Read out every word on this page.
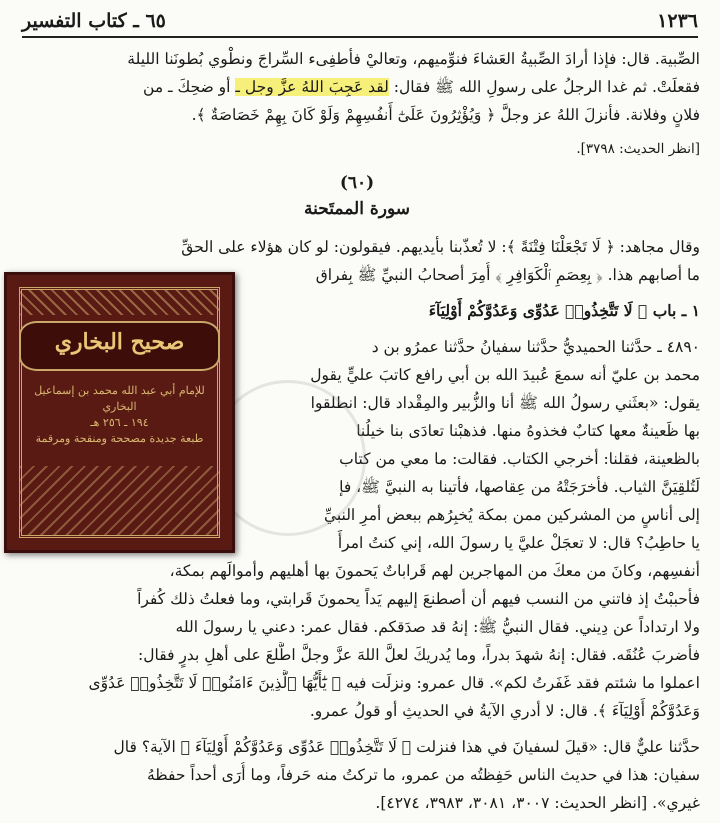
١٢٣٦
٦٥ ـ كتاب التفسير
الصِّبية. قال: فإذا أرادَ الصِّبيةُ العَشاءَ فنوِّميهم، وتعاليْ فأطفِىء السِّراجَ ونطْوي بُطونَنا الليلة
فقعلَتْ. ثم غدا الرجلُ على رسولِ الله ﷺ فقال: لقد عَجِبَ اللهُ عزَّ وجل ـ أو ضحِكَ ـ من
فلانٍ وفلانة. فأنزلَ اللهُ عز وجلَّ ﴿ وَيُؤْثِرُونَ عَلَىٰٓ أَنفُسِهِمْ وَلَوْ كَانَ بِهِمْ خَصَاصَةٌ ﴾.
[انظر الحديث: ٣٧٩٨].
(٦٠)
سورة الممتَحنة
وقال مجاهد: ﴿ لَا تَجْعَلْنَا فِتْنَةً ﴾: لا تُعذّبنا بأيديهم. فيقولون: لو كان هؤلاء على الحقِّ
ما أصابهم هذا. ﴿ بِعِصَمِ ٱلْكَوَافِرِ ﴾ أُمِرَ أصحابُ النبيِّ ﷺ بِفراق
١ ـ باب ﴿ لَا تَتَّخِذُوا۟ عَدُوِّى وَعَدُوَّكُمْ أَوْلِيَآءَ
٤٨٩٠ ـ حدَّثنا الحميديُّ حدَّثنا سفيانُ حدَّثنا عمرُو بن د
محمد بن عليّ أنه سمعَ عُبيدَ الله بن أبي رافع كاتبَ عليٍّ يقول
يقول: «بعثَني رسولُ الله ﷺ أنا والزُّبير والمِقْداد قال: انطلقوا
بها ظَعينةٌ معها كتابٌ فخذوهُ منها. فذهبْنا تعادَى بنا خيلُنا
بالظعينة، فقلنا: أخرجي الكتاب. فقالت: ما معي من كتاب
لَتُلقِيَنَّ الثياب. فأخرَجَتْهُ من عِقاصها، فأتينا به النبيَّ ﷺ، فإ
إلى أناسٍ من المشركين ممن بمكة يُخبِرُهم ببعض أمرِ النبيِّ
يا حاطِبُ؟ قال: لا تعجَلْ عليَّ يا رسولَ الله، إني كنتُ امرأً
أنفسِهم، وكانَ من معكَ من المهاجرين لهم قَراباتٌ يَحمونَ بها أهليهم وأموالَهم بمكة،
فأحببْتُ إذ فاتني من النسب فيهم أن أصطنعَ إليهم يَداً يحمونَ قَرابتي، وما فعلتُ ذلك كُفراً
ولا ارتداداً عن دِيني. فقال النبيُّ ﷺ: إنهُ قد صدَقكم. فقال عمر: دعني يا رسولَ الله
فأضربَ عُنُقَه. فقال: إنهُ شهدَ بدراً، وما يُدريكَ لعلَّ اللهَ عزَّ وجلَّ اطَّلعَ على أهلِ بدرٍ فقال:
اعملوا ما شئتم فقد غَفَرتُ لكم». قال عمرو: ونزلَت فيه ﴿ يَٰٓأَيُّهَا ٱلَّذِينَ ءَامَنُوا۟ لَا تَتَّخِذُوا۟ عَدُوِّى
وَعَدُوَّكُمْ أَوْلِيَآءَ ﴾. قال: لا أدري الآيةُ في الحديثِ أو قولُ عمرو.
حدَّثنا عليٌّ قال: «قيلَ لسفيانَ في هذا فنزلت ﴿ لَا تَتَّخِذُوا۟ عَدُوِّى وَعَدُوَّكُمْ أَوْلِيَآءَ ﴾ الآية؟ قال
سفيان: هذا في حديث الناس حَفِظتُه من عمرو، ما تركتُ منه حَرفاً، وما أُرَى أحداً حفظهُ
غيري». [انظر الحديث: ٣٠٠٧، ٣٠٨١، ٣٩٨٣، ٤٢٧٤].
صحيح البخاري
للإمام أبي عبد الله محمد بن إسماعيل البخاري
١٩٤ ـ ٢٥٦ هـ
طبعة جديدة مصححة ومنقحة ومرقمة
